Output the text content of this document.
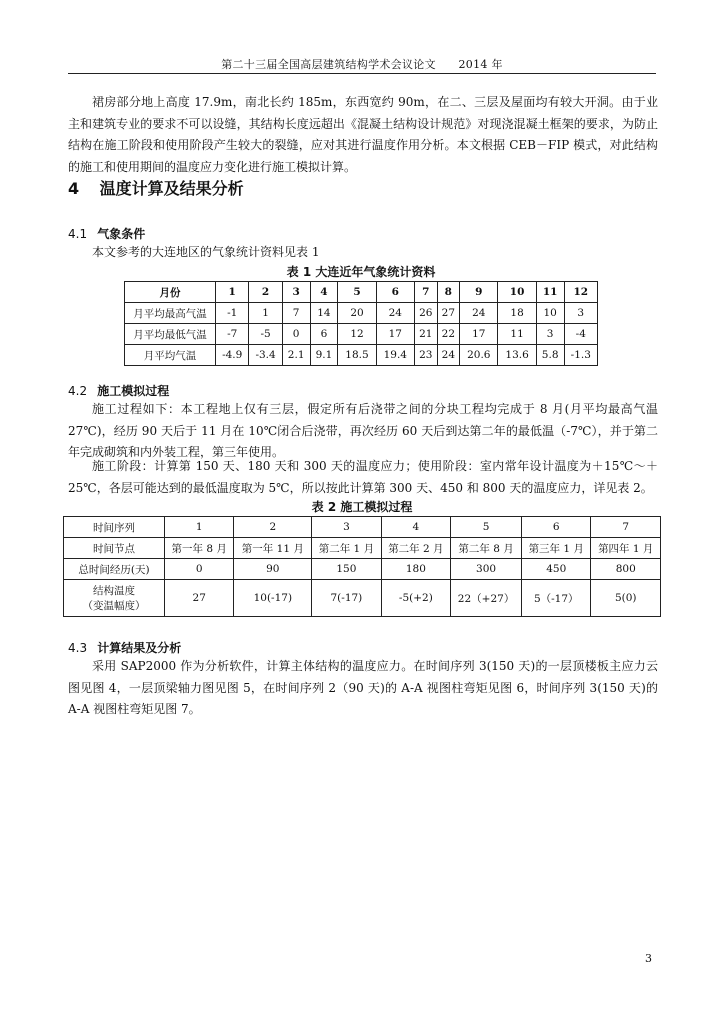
第二十三届全国高层建筑结构学术会议论文　　2014 年

裙房部分地上高度 17.9m，南北长约 185m，东西宽约 90m，在二、三层及屋面均有较大开洞。由于业主和建筑专业的要求不可以设缝，其结构长度远超出《混凝土结构设计规范》对现浇混凝土框架的要求，为防止结构在施工阶段和使用阶段产生较大的裂缝，应对其进行温度作用分析。本文根据 CEB－FIP 模式，对此结构的施工和使用期间的温度应力变化进行施工模拟计算。

4 温度计算及结果分析
4.1 气象条件

本文参考的大连地区的气象统计资料见表 1

表 1 大连近年气象统计资料
月份	1	2	3	4	5	6	7	8	9	10	11	12
月平均最高气温	-1	1	7	14	20	24	26	27	24	18	10	3
月平均最低气温	-7	-5	0	6	12	17	21	22	17	11	3	-4
月平均气温	-4.9	-3.4	2.1	9.1	18.5	19.4	23	24	20.6	13.6	5.8	-1.3
4.2 施工模拟过程

施工过程如下：本工程地上仅有三层，假定所有后浇带之间的分块工程均完成于 8 月(月平均最高气温 27℃)，经历 90 天后于 11 月在 10℃闭合后浇带，再次经历 60 天后到达第二年的最低温（-7℃），并于第二年完成砌筑和内外装工程，第三年使用。

施工阶段：计算第 150 天、180 天和 300 天的温度应力；使用阶段：室内常年设计温度为＋15℃～＋25℃，各层可能达到的最低温度取为 5℃，所以按此计算第 300 天、450 和 800 天的温度应力，详见表 2。

表 2 施工模拟过程
时间序列	1	2	3	4	5	6	7
时间节点	第一年 8 月	第一年 11 月	第二年 1 月	第二年 2 月	第二年 8 月	第三年 1 月	第四年 1 月
总时间经历(天)	0	90	150	180	300	450	800

结构温度
（变温幅度）	27	10(-17)	7(-17)	-5(+2)	22（+27）	5（-17）	5(0)
4.3 计算结果及分析

采用 SAP2000 作为分析软件，计算主体结构的温度应力。在时间序列 3(150 天)的一层顶楼板主应力云图见图 4，一层顶梁轴力图见图 5，在时间序列 2（90 天)的 A-A 视图柱弯矩见图 6，时间序列 3(150 天)的 A-A 视图柱弯矩见图 7。

3
